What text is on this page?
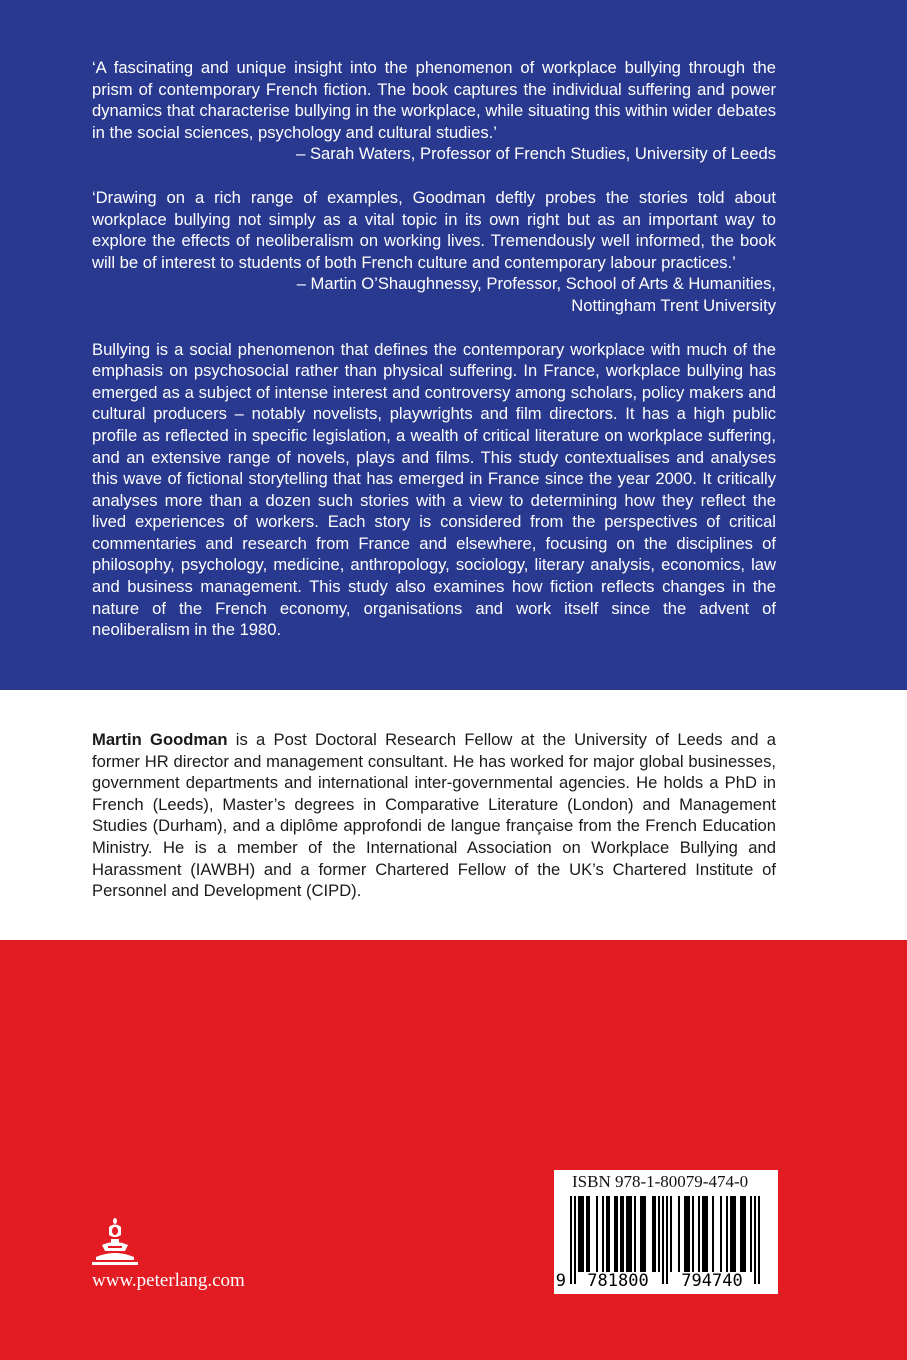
‘A fascinating and unique insight into the phenomenon of workplace bullying through the prism of contemporary French fiction. The book captures the individual suffering and power dynamics that characterise bullying in the workplace, while situating this within wider debates in the social sciences, psychology and cultural studies.’

– Sarah Waters, Professor of French Studies, University of Leeds

‘Drawing on a rich range of examples, Goodman deftly probes the stories told about workplace bullying not simply as a vital topic in its own right but as an important way to explore the effects of neoliberalism on working lives. Tremendously well informed, the book will be of interest to students of both French culture and contemporary labour practices.’

– Martin O’Shaughnessy, Professor, School of Arts & Humanities,

Nottingham Trent University

Bullying is a social phenomenon that defines the contemporary workplace with much of the emphasis on psychosocial rather than physical suffering. In France, workplace bullying has emerged as a subject of intense interest and controversy among scholars, policy makers and cultural producers – notably novelists, playwrights and film directors. It has a high public profile as reflected in specific legislation, a wealth of critical literature on workplace suffering, and an extensive range of novels, plays and films. This study contextualises and analyses this wave of fictional storytelling that has emerged in France since the year 2000. It critically analyses more than a dozen such stories with a view to determining how they reflect the lived experiences of workers. Each story is considered from the perspectives of critical commentaries and research from France and elsewhere, focusing on the disciplines of philosophy, psychology, medicine, anthropology, sociology, literary analysis, economics, law and business management. This study also examines how fiction reflects changes in the nature of the French economy, organisations and work itself since the advent of neoliberalism in the 1980.

Martin Goodman is a Post Doctoral Research Fellow at the University of Leeds and a former HR director and management consultant. He has worked for major global businesses, government departments and international inter-governmental agencies. He holds a PhD in French (Leeds), Master’s degrees in Comparative Literature (London) and Management Studies (Durham), and a diplôme approfondi de langue française from the French Education Ministry. He is a member of the International Association on Workplace Bullying and Harassment (IAWBH) and a former Chartered Fellow of the UK’s Chartered Institute of Personnel and Development (CIPD).

9 781800 794740
ISBN 978-1-80079-474-0
www.peterlang.com
